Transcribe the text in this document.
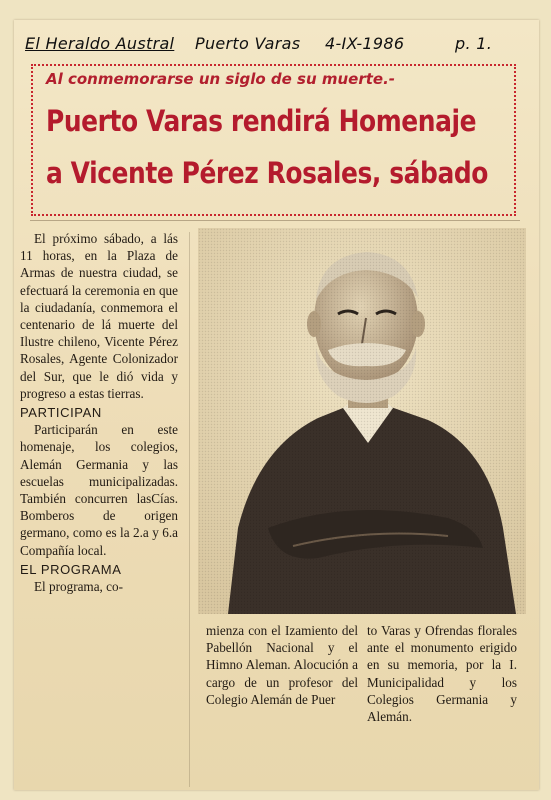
El Heraldo Austral Puerto Varas 4-IX-1986	p. 1.
Al conmemorarse un siglo de su muerte.-
Puerto Varas rendirá Homenaje
a Vicente Pérez Rosales, sábado

El próximo sábado, a lás 11 horas, en la Plaza de Armas de nuestra ciudad, se efectuará la ceremonia en que la ciudadanía, conmemora el centenario de lá muerte del Ilustre chileno, Vicente Pérez Rosales, Agente Colonizador del Sur, que le dió vida y progreso a estas tierras.

PARTICIPAN

Participarán en este homenaje, los colegios, Alemán Germania y las escuelas municipalizadas. También concurren lasCías. Bomberos de origen germano, como es la 2.a y 6.a Compañía local.

EL PROGRAMA

El programa, co-

mienza con el Izamiento del Pabellón Nacional y el Himno Aleman. Alocución a cargo de un profesor del Colegio Alemán de Puer

to Varas y Ofrendas florales ante el monumento erigido en su memoria, por la I. Municipalidad y los Colegios Germania y Alemán.
